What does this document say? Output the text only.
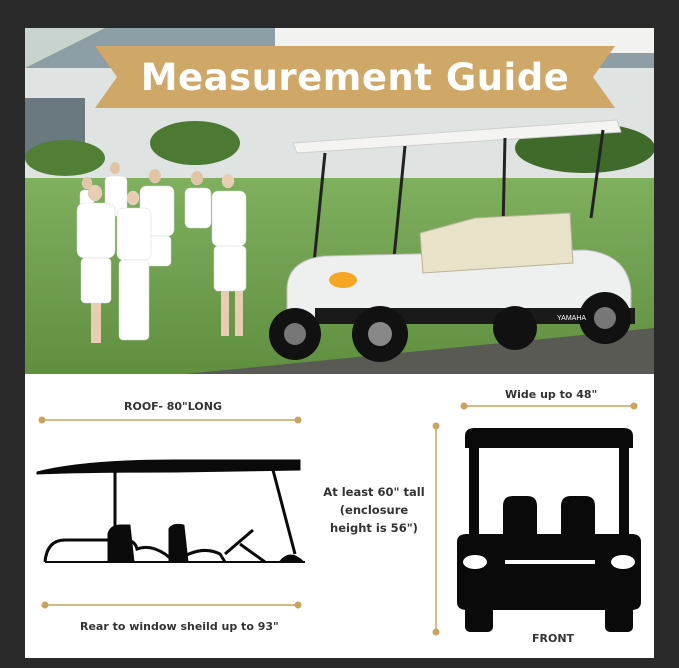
YAMAHA
Measurement Guide
ROOF- 80"LONG
Rear to window sheild up to 93"
Wide up to 48"
At least 60" tall
(enclosure
height is 56")
FRONT
